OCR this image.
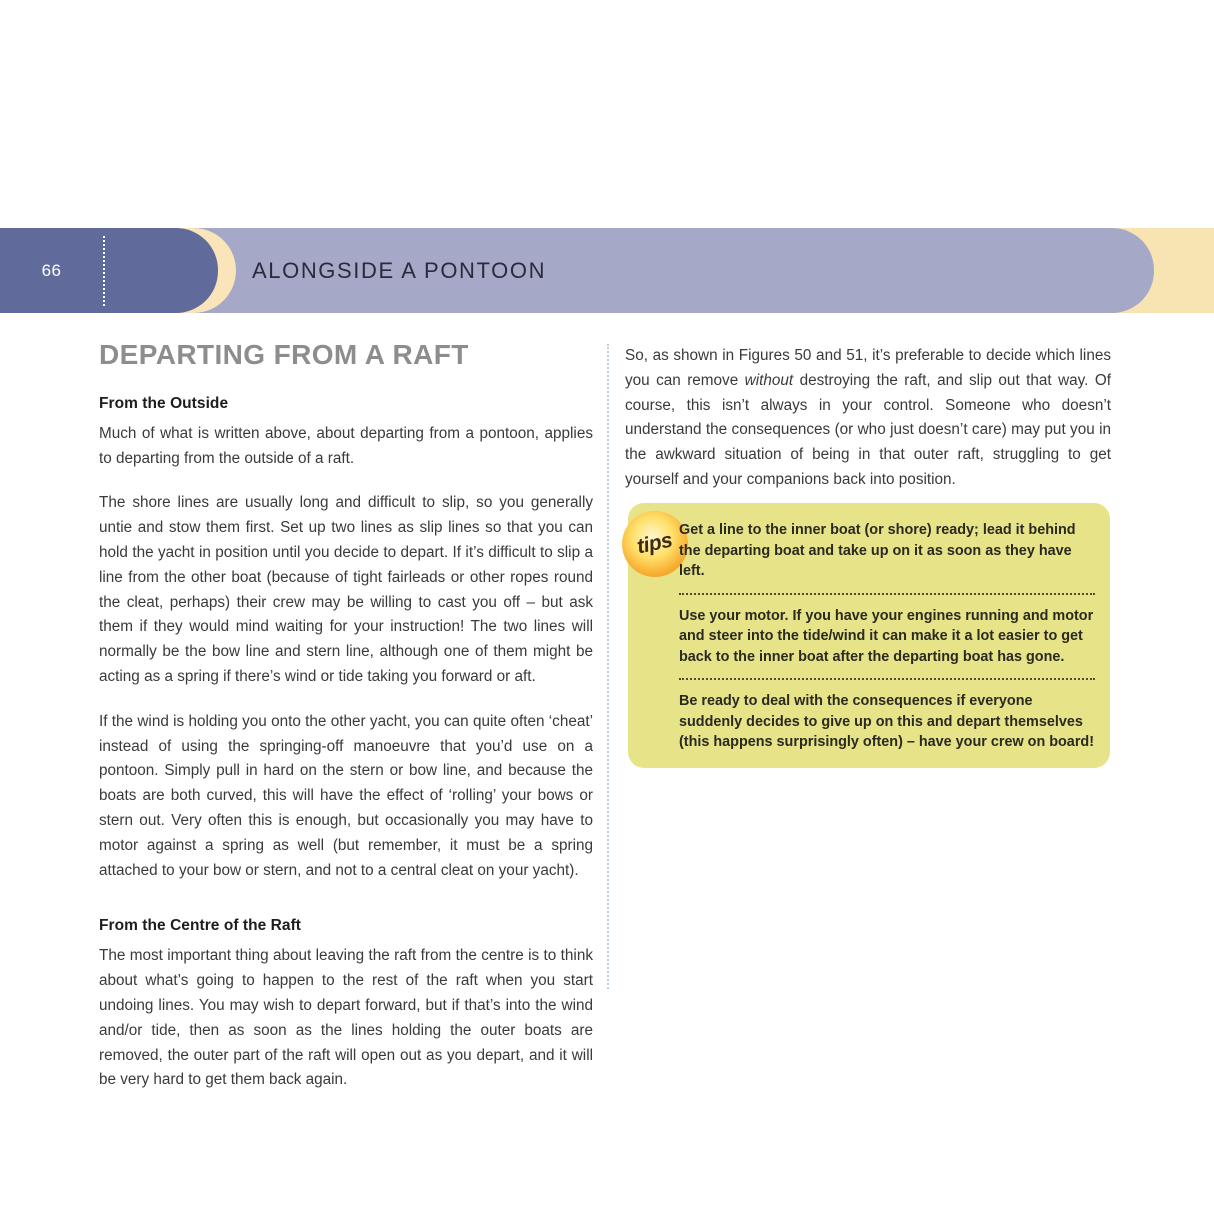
66	ALONGSIDE A PONTOON
DEPARTING FROM A RAFT
From the Outside

Much of what is written above, about departing from a pontoon, applies to departing from the outside of a raft.

The shore lines are usually long and difficult to slip, so you generally untie and stow them first. Set up two lines as slip lines so that you can hold the yacht in position until you decide to depart. If it’s difficult to slip a line from the other boat (because of tight fairleads or other ropes round the cleat, perhaps) their crew may be willing to cast you off – but ask them if they would mind waiting for your instruction! The two lines will normally be the bow line and stern line, although one of them might be acting as a spring if there’s wind or tide taking you forward or aft.

If the wind is holding you onto the other yacht, you can quite often ‘cheat’ instead of using the springing-off manoeuvre that you’d use on a pontoon. Simply pull in hard on the stern or bow line, and because the boats are both curved, this will have the effect of ‘rolling’ your bows or stern out. Very often this is enough, but occasionally you may have to motor against a spring as well (but remember, it must be a spring attached to your bow or stern, and not to a central cleat on your yacht).

From the Centre of the Raft

The most important thing about leaving the raft from the centre is to think about what’s going to happen to the rest of the raft when you start undoing lines. You may wish to depart forward, but if that’s into the wind and/or tide, then as soon as the lines holding the outer boats are removed, the outer part of the raft will open out as you depart, and it will be very hard to get them back again.

So, as shown in Figures 50 and 51, it’s preferable to decide which lines you can remove without destroying the raft, and slip out that way. Of course, this isn’t always in your control. Someone who doesn’t understand the consequences (or who just doesn’t care) may put you in the awkward situation of being in that outer raft, struggling to get yourself and your companions back into position.

tips Get a line to the inner boat (or shore) ready; lead it behind the departing boat and take up on it as soon as they have left.
Use your motor. If you have your engines running and motor and steer into the tide/wind it can make it a lot easier to get back to the inner boat after the departing boat has gone.
Be ready to deal with the consequences if everyone suddenly decides to give up on this and depart themselves (this happens surprisingly often) – have your crew on board!
